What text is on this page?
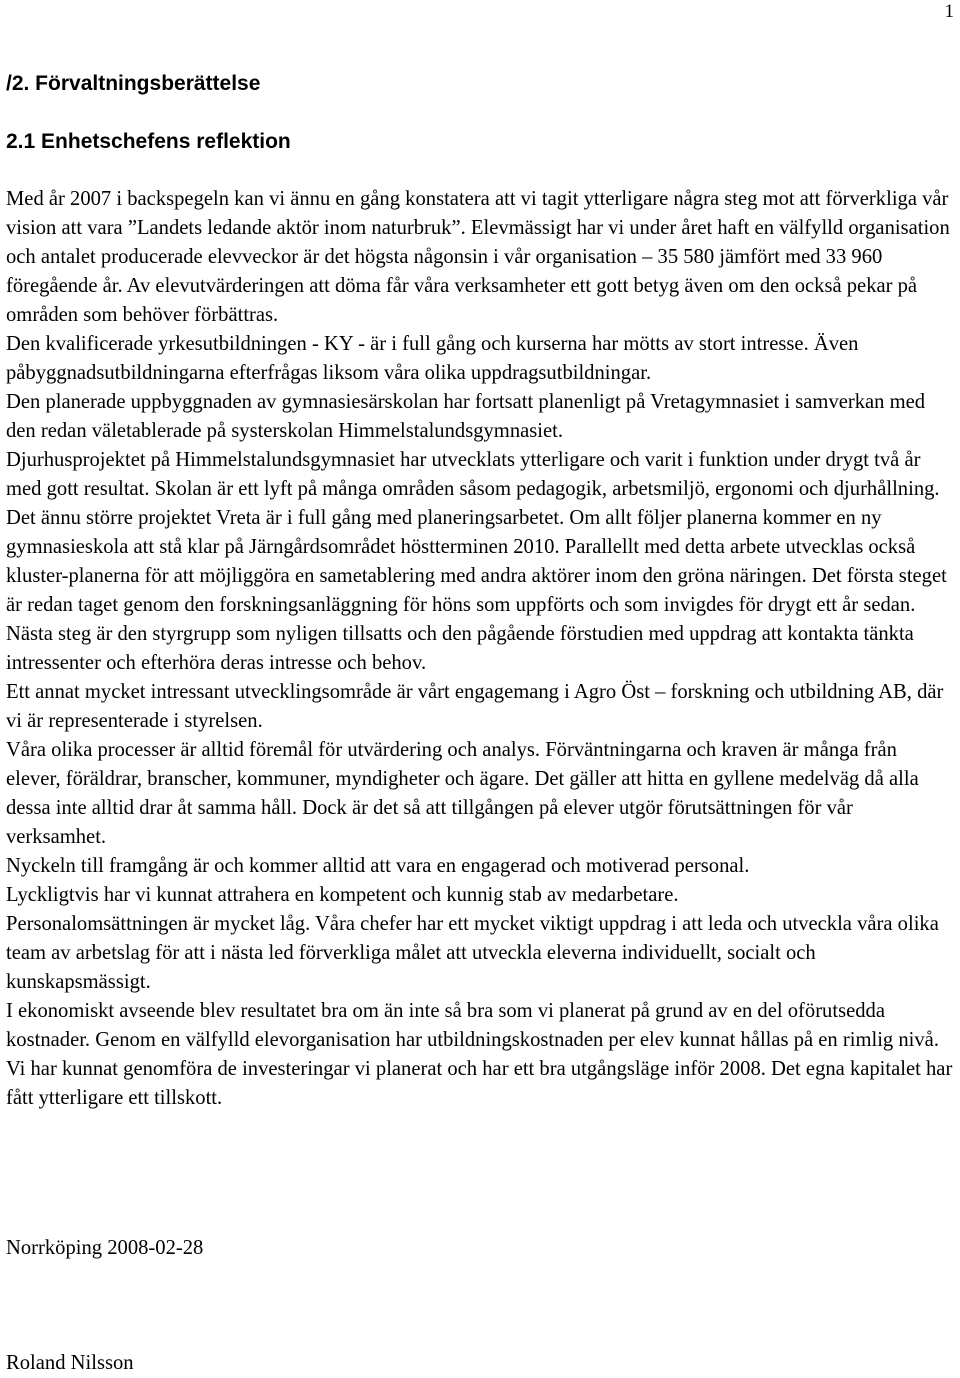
1
/2. Förvaltningsberättelse
2.1 Enhetschefens reflektion

Med år 2007 i backspegeln kan vi ännu en gång konstatera att vi tagit ytterligare några steg mot att förverkliga vår vision att vara ”Landets ledande aktör inom naturbruk”. Elevmässigt har vi under året haft en välfylld organisation och antalet producerade elevveckor är det högsta någonsin i vår organisation – 35 580 jämfört med 33 960 föregående år. Av elevutvärderingen att döma får våra verksamheter ett gott betyg även om den också pekar på områden som behöver förbättras.

Den kvalificerade yrkesutbildningen - KY - är i full gång och kurserna har mötts av stort intresse. Även påbyggnadsutbildningarna efterfrågas liksom våra olika uppdragsutbildningar.

Den planerade uppbyggnaden av gymnasiesärskolan har fortsatt planenligt på Vretagymnasiet i samverkan med den redan väletablerade på systerskolan Himmelstalundsgymnasiet.

Djurhusprojektet på Himmelstalundsgymnasiet har utvecklats ytterligare och varit i funktion under drygt två år med gott resultat. Skolan är ett lyft på många områden såsom pedagogik, arbetsmiljö, ergonomi och djurhållning. Det ännu större projektet Vreta är i full gång med planeringsarbetet. Om allt följer planerna kommer en ny gymnasieskola att stå klar på Järngårdsområdet höstterminen 2010. Parallellt med detta arbete utvecklas också kluster-planerna för att möjliggöra en sametablering med andra aktörer inom den gröna näringen. Det första steget är redan taget genom den forskningsanläggning för höns som uppförts och som invigdes för drygt ett år sedan. Nästa steg är den styrgrupp som nyligen tillsatts och den pågående förstudien med uppdrag att kontakta tänkta intressenter och efterhöra deras intresse och behov.

Ett annat mycket intressant utvecklingsområde är vårt engagemang i Agro Öst – forskning och utbildning AB, där vi är representerade i styrelsen.

Våra olika processer är alltid föremål för utvärdering och analys. Förväntningarna och kraven är många från elever, föräldrar, branscher, kommuner, myndigheter och ägare. Det gäller att hitta en gyllene medelväg då alla dessa inte alltid drar åt samma håll. Dock är det så att tillgången på elever utgör förutsättningen för vår verksamhet.

Nyckeln till framgång är och kommer alltid att vara en engagerad och motiverad personal.

Lyckligtvis har vi kunnat attrahera en kompetent och kunnig stab av medarbetare.

Personalomsättningen är mycket låg. Våra chefer har ett mycket viktigt uppdrag i att leda och utveckla våra olika team av arbetslag för att i nästa led förverkliga målet att utveckla eleverna individuellt, socialt och kunskapsmässigt.

I ekonomiskt avseende blev resultatet bra om än inte så bra som vi planerat på grund av en del oförutsedda kostnader. Genom en välfylld elevorganisation har utbildningskostnaden per elev kunnat hållas på en rimlig nivå. Vi har kunnat genomföra de investeringar vi planerat och har ett bra utgångsläge inför 2008. Det egna kapitalet har fått ytterligare ett tillskott.

Norrköping 2008-02-28
Roland Nilsson
